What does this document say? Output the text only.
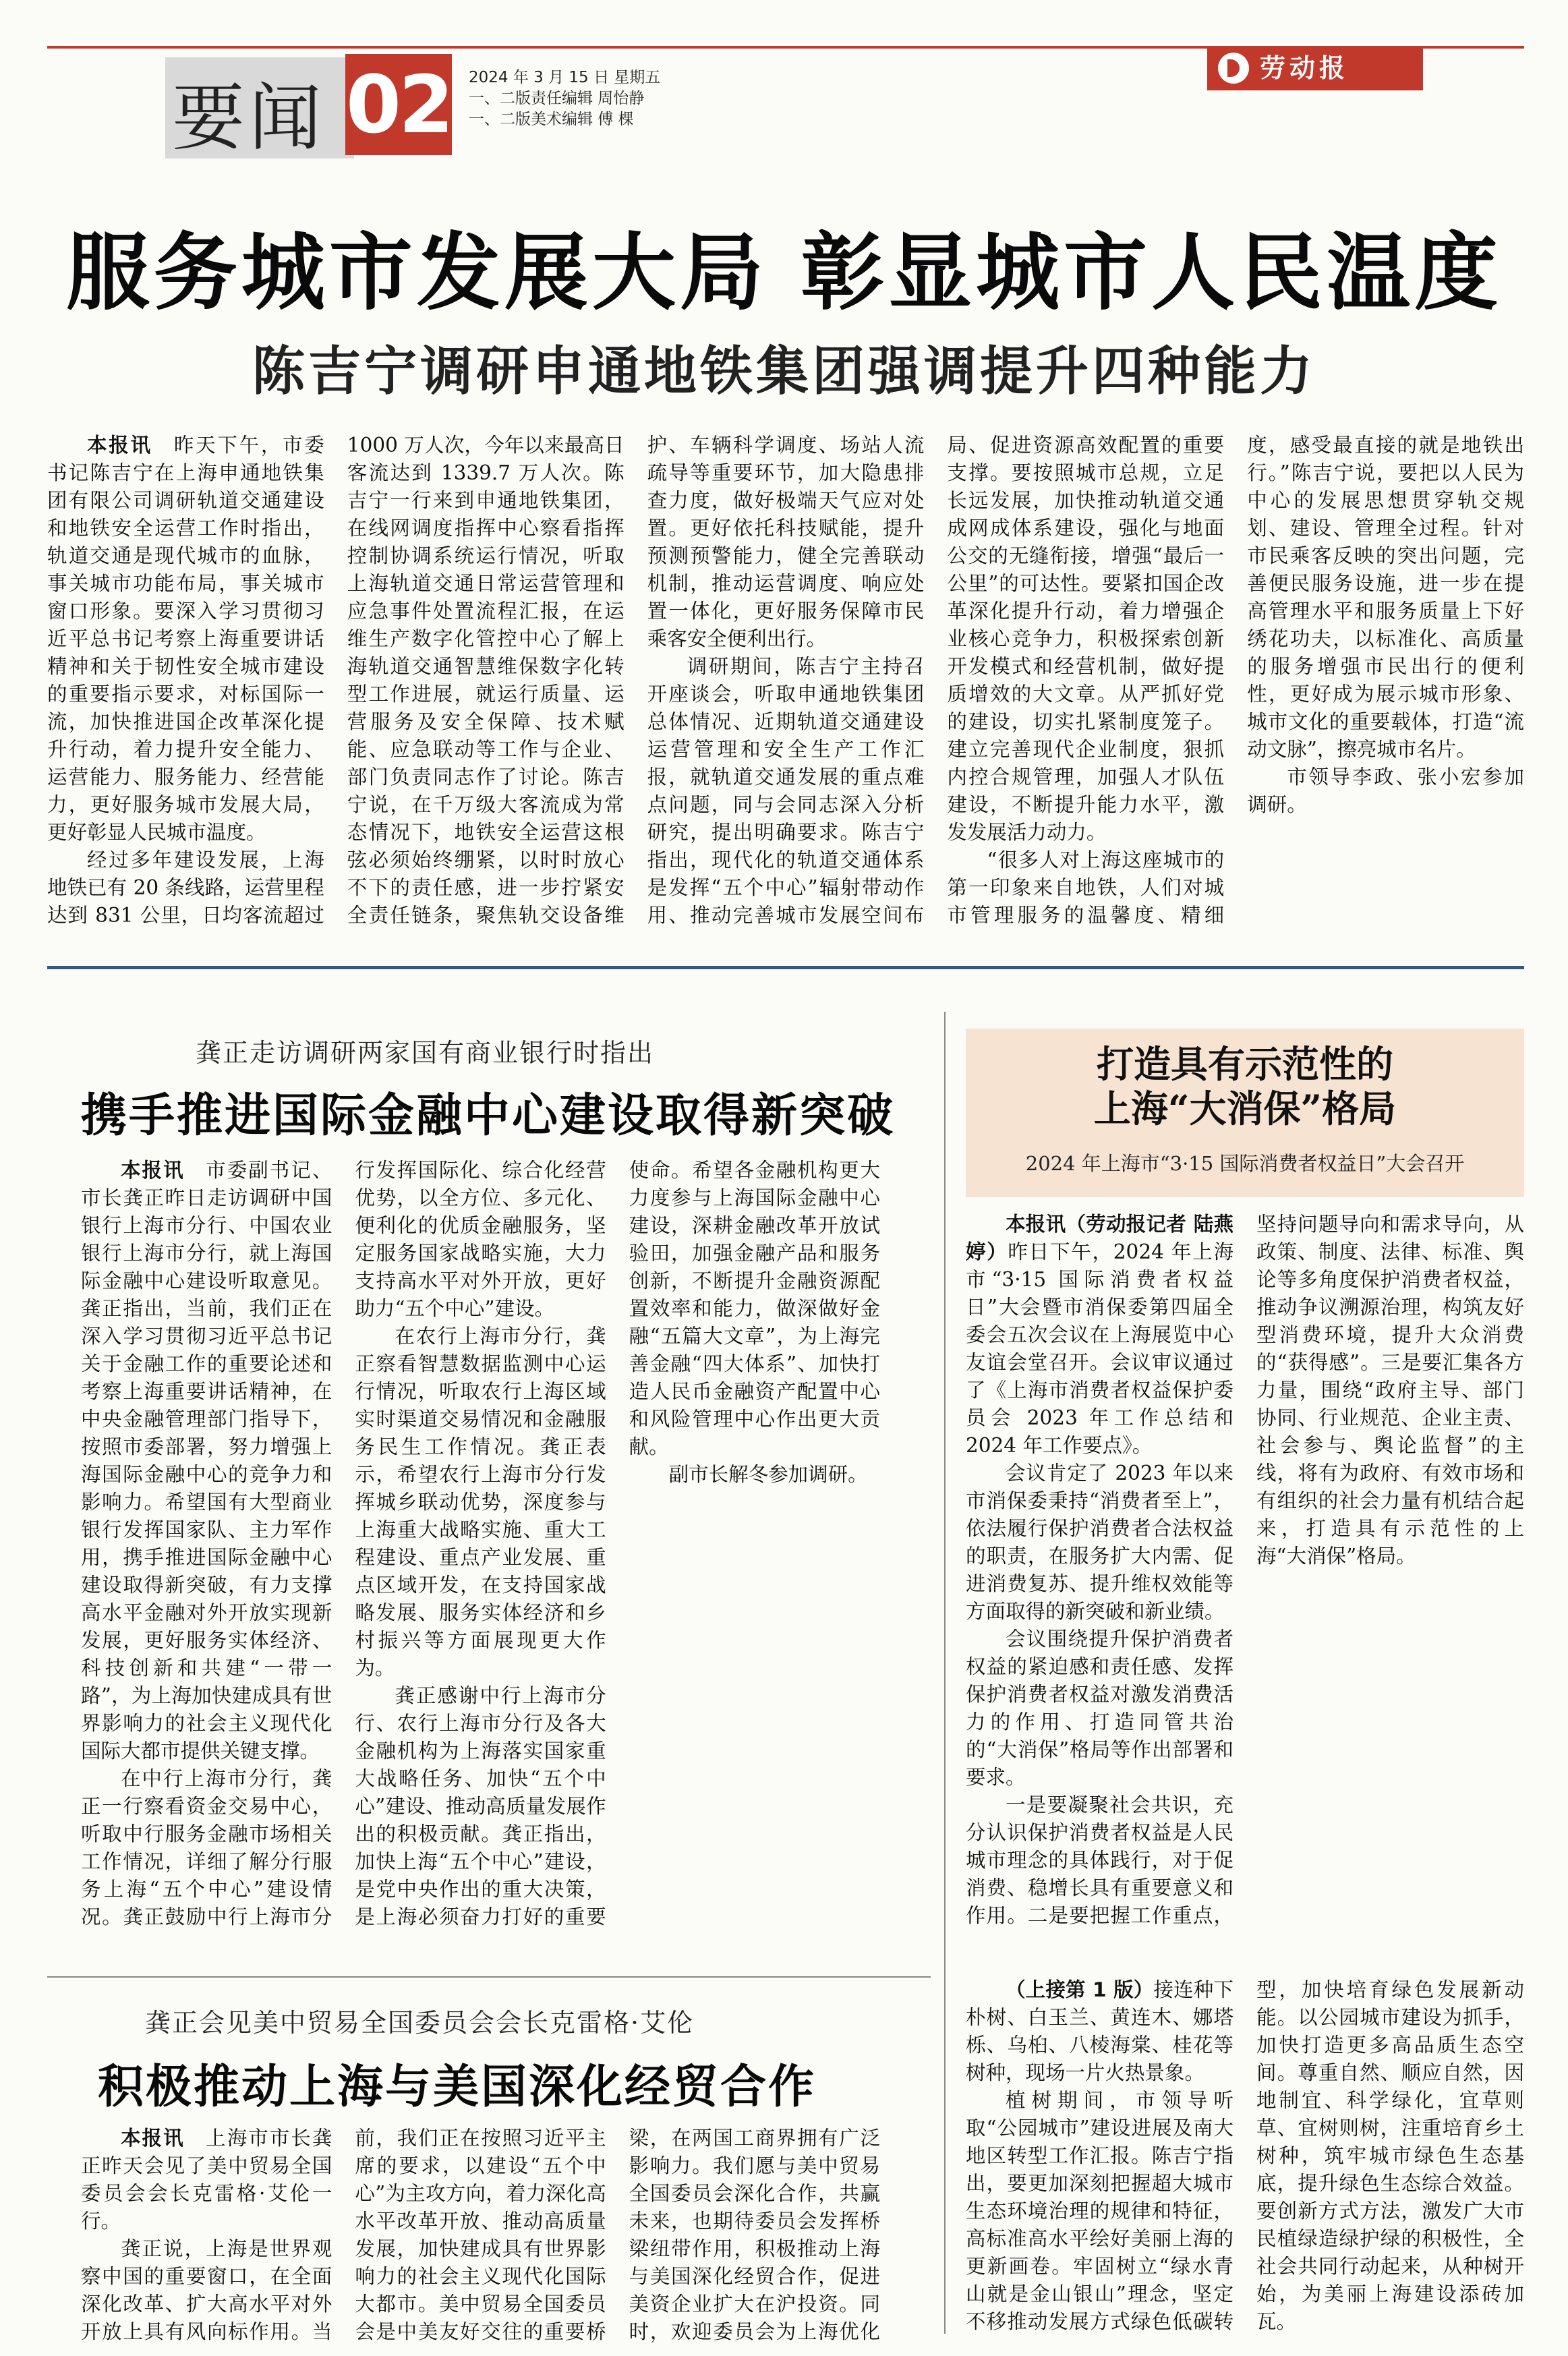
要闻 02 2024 年 3 月 15 日 星期五
一、二版责任编辑 周怡静
一、二版美术编辑 傅 棵
劳动报
服务城市发展大局 彰显城市人民温度
陈吉宁调研申通地铁集团强调提升四种能力

本报讯　 昨天下午，市委书记陈吉宁在上海申通地铁集团有限公司调研轨道交通建设和地铁安全运营工作时指出，轨道交通是现代城市的血脉，事关城市功能布局，事关城市窗口形象。要深入学习贯彻习近平总书记考察上海重要讲话精神和关于韧性安全城市建设的重要指示要求，对标国际一流，加快推进国企改革深化提升行动，着力提升安全能力、运营能力、服务能力、经营能力，更好服务城市发展大局，更好彰显人民城市温度。

经过多年建设发展，上海地铁已有 20 条线路，运营里程达到 831 公里，日均客流超过 1000 万人次，今年以来最高日客流达到 1339.7 万人次。陈吉宁一行来到申通地铁集团，在线网调度指挥中心察看指挥控制协调系统运行情况，听取上海轨道交通日常运营管理和应急事件处置流程汇报，在运维生产数字化管控中心了解上海轨道交通智慧维保数字化转型工作进展，就运行质量、运营服务及安全保障、技术赋能、应急联动等工作与企业、部门负责同志作了讨论。陈吉宁说，在千万级大客流成为常态情况下，地铁安全运营这根弦必须始终绷紧，以时时放心不下的责任感，进一步拧紧安全责任链条，聚焦轨交设备维护、车辆科学调度、场站人流疏导等重要环节，加大隐患排查力度，做好极端天气应对处置。更好依托科技赋能，提升预测预警能力，健全完善联动机制，推动运营调度、响应处置一体化，更好服务保障市民乘客安全便利出行。

调研期间，陈吉宁主持召开座谈会，听取申通地铁集团总体情况、近期轨道交通建设运营管理和安全生产工作汇报，就轨道交通发展的重点难点问题，同与会同志深入分析研究，提出明确要求。陈吉宁指出，现代化的轨道交通体系是发挥“五个中心”辐射带动作用、推动完善城市发展空间布局、促进资源高效配置的重要支撑。要按照城市总规，立足长远发展，加快推动轨道交通成网成体系建设，强化与地面公交的无缝衔接，增强“最后一公里”的可达性。要紧扣国企改革深化提升行动，着力增强企业核心竞争力，积极探索创新开发模式和经营机制，做好提质增效的大文章。从严抓好党的建设，切实扎紧制度笼子。建立完善现代企业制度，狠抓内控合规管理，加强人才队伍建设，不断提升能力水平，激发发展活力动力。

“很多人对上海这座城市的第一印象来自地铁，人们对城市管理服务的温馨度、精细度，感受最直接的就是地铁出行。”陈吉宁说，要把以人民为中心的发展思想贯穿轨交规划、建设、管理全过程。针对市民乘客反映的突出问题，完善便民服务设施，进一步在提高管理水平和服务质量上下好绣花功夫，以标准化、高质量的服务增强市民出行的便利性，更好成为展示城市形象、城市文化的重要载体，打造“流动文脉”，擦亮城市名片。

市领导李政、张小宏参加调研。

龚正走访调研两家国有商业银行时指出
携手推进国际金融中心建设取得新突破

本报讯　 市委副书记、市长龚正昨日走访调研中国银行上海市分行、中国农业银行上海市分行，就上海国际金融中心建设听取意见。龚正指出，当前，我们正在深入学习贯彻习近平总书记关于金融工作的重要论述和考察上海重要讲话精神，在中央金融管理部门指导下，按照市委部署，努力增强上海国际金融中心的竞争力和影响力。希望国有大型商业银行发挥国家队、主力军作用，携手推进国际金融中心建设取得新突破，有力支撑高水平金融对外开放实现新发展，更好服务实体经济、科技创新和共建“一带一路”，为上海加快建成具有世界影响力的社会主义现代化国际大都市提供关键支撑。

在中行上海市分行，龚正一行察看资金交易中心，听取中行服务金融市场相关工作情况，详细了解分行服务上海“五个中心”建设情况。龚正鼓励中行上海市分行发挥国际化、综合化经营优势，以全方位、多元化、便利化的优质金融服务，坚定服务国家战略实施，大力支持高水平对外开放，更好助力“五个中心”建设。

在农行上海市分行，龚正察看智慧数据监测中心运行情况，听取农行上海区域实时渠道交易情况和金融服务民生工作情况。龚正表示，希望农行上海市分行发挥城乡联动优势，深度参与上海重大战略实施、重大工程建设、重点产业发展、重点区域开发，在支持国家战略发展、服务实体经济和乡村振兴等方面展现更大作为。

龚正感谢中行上海市分行、农行上海市分行及各大金融机构为上海落实国家重大战略任务、加快“五个中心”建设、推动高质量发展作出的积极贡献。龚正指出，加快上海“五个中心”建设，是党中央作出的重大决策，是上海必须奋力打好的重要使命。希望各金融机构更大力度参与上海国际金融中心建设，深耕金融改革开放试验田，加强金融产品和服务创新，不断提升金融资源配置效率和能力，做深做好金融“五篇大文章”，为上海完善金融“四大体系”、加快打造人民币金融资产配置中心和风险管理中心作出更大贡献。

副市长解冬参加调研。

打造具有示范性的
上海“大消保”格局
2024 年上海市“3·15 国际消费者权益日”大会召开

本报讯（劳动报记者 陆燕婷）昨日下午，2024 年上海市“3·15 国际消费者权益日”大会暨市消保委第四届全委会五次会议在上海展览中心友谊会堂召开。会议审议通过了《上海市消费者权益保护委员会 2023 年工作总结和 2024 年工作要点》。

会议肯定了 2023 年以来市消保委秉持“消费者至上”，依法履行保护消费者合法权益的职责，在服务扩大内需、促进消费复苏、提升维权效能等方面取得的新突破和新业绩。

会议围绕提升保护消费者权益的紧迫感和责任感、发挥保护消费者权益对激发消费活力的作用、打造同管共治的“大消保”格局等作出部署和要求。

一是要凝聚社会共识，充分认识保护消费者权益是人民城市理念的具体践行，对于促消费、稳增长具有重要意义和作用。二是要把握工作重点，坚持问题导向和需求导向，从政策、制度、法律、标准、舆论等多角度保护消费者权益，推动争议溯源治理，构筑友好型消费环境，提升大众消费的“获得感”。三是要汇集各方力量，围绕“政府主导、部门协同、行业规范、企业主责、社会参与、舆论监督”的主线，将有为政府、有效市场和有组织的社会力量有机结合起来，打造具有示范性的上海“大消保”格局。

龚正会见美中贸易全国委员会会长克雷格·艾伦
积极推动上海与美国深化经贸合作

本报讯　 上海市市长龚正昨天会见了美中贸易全国委员会会长克雷格·艾伦一行。

龚正说，上海是世界观察中国的重要窗口，在全面深化改革、扩大高水平对外开放上具有风向标作用。当前，我们正在按照习近平主席的要求，以建设“五个中心”为主攻方向，着力深化高水平改革开放、推动高质量发展，加快建成具有世界影响力的社会主义现代化国际大都市。美中贸易全国委员会是中美友好交往的重要桥梁，在两国工商界拥有广泛影响力。我们愿与美中贸易全国委员会深化合作，共赢未来，也期待委员会发挥桥梁纽带作用，积极推动上海与美国深化经贸合作，促进美资企业扩大在沪投资。同时，欢迎委员会为上海优化

（上接第 1 版）接连种下朴树、白玉兰、黄连木、娜塔栎、乌桕、八棱海棠、桂花等树种，现场一片火热景象。

植树期间，市领导听取“公园城市”建设进展及南大地区转型工作汇报。陈吉宁指出，要更加深刻把握超大城市生态环境治理的规律和特征，高标准高水平绘好美丽上海的更新画卷。牢固树立“绿水青山就是金山银山”理念，坚定不移推动发展方式绿色低碳转型，加快培育绿色发展新动能。以公园城市建设为抓手，加快打造更多高品质生态空间。尊重自然、顺应自然，因地制宜、科学绿化，宜草则草、宜树则树，注重培育乡土树种，筑牢城市绿色生态基底，提升绿色生态综合效益。要创新方式方法，激发广大市民植绿造绿护绿的积极性，全社会共同行动起来，从种树开始，为美丽上海建设添砖加瓦。
